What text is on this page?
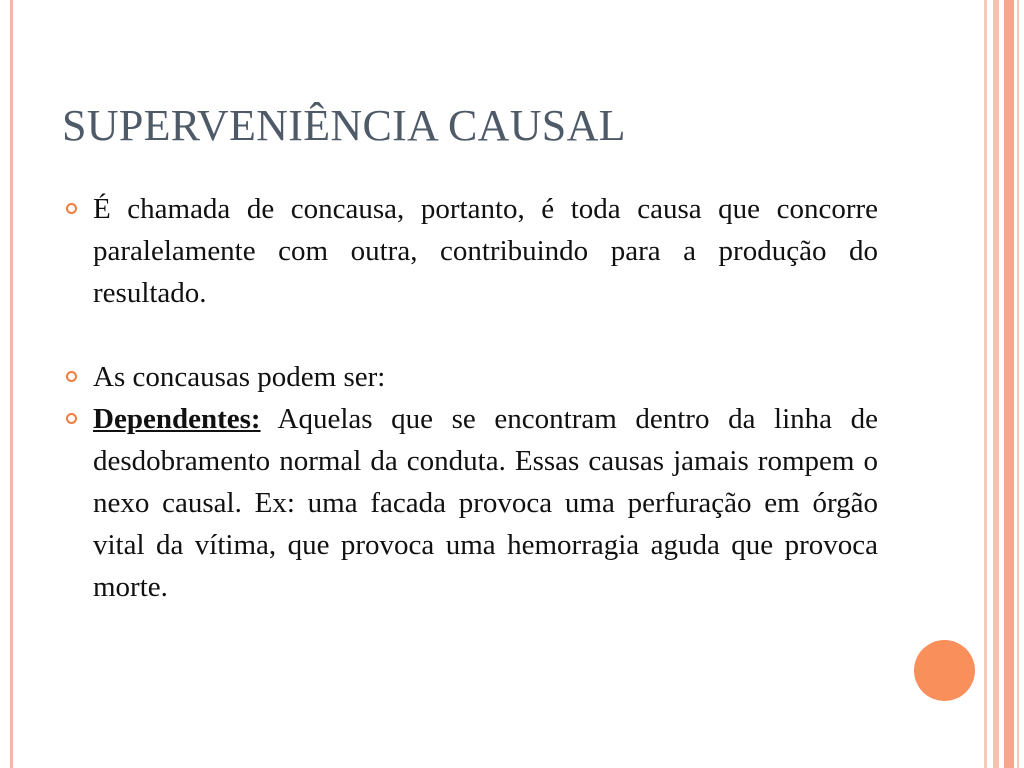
SUPERVENIÊNCIA CAUSAL
É chamada de concausa, portanto, é toda causa que concorre paralelamente com outra, contribuindo para a produção do resultado.
As concausas podem ser:
Dependentes: Aquelas que se encontram dentro da linha de desdobramento normal da conduta. Essas causas jamais rompem o nexo causal. Ex: uma facada provoca uma perfuração em órgão vital da vítima, que provoca uma hemorragia aguda que provoca morte.
